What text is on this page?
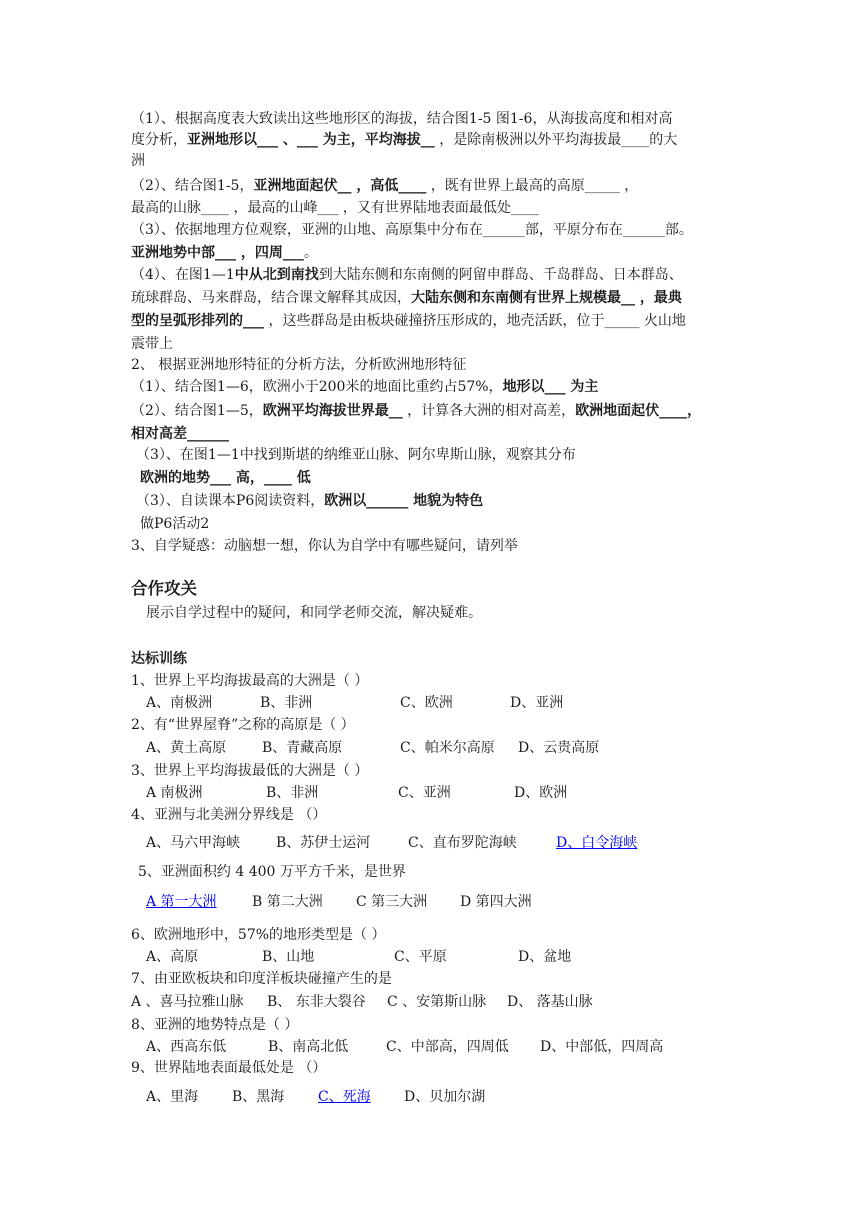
（1）、根据高度表大致读出这些地形区的海拔，结合图1-5 图1-6，从海拔高度和相对高
度分析，亚洲地形以___ 、___ 为主，平均海拔__ ，是除南极洲以外平均海拔最____的大
洲
（2）、结合图1-5，亚洲地面起伏__ ，高低____ ，既有世界上最高的高原_____ ，
最高的山脉____ ，最高的山峰___ ，又有世界陆地表面最低处____
（3）、依据地理方位观察，亚洲的山地、高原集中分布在______部，平原分布在______部。
亚洲地势中部___ ，四周___。
（4）、在图1—1中从北到南找到大陆东侧和东南侧的阿留申群岛、千岛群岛、日本群岛、
琉球群岛、马来群岛，结合课文解释其成因，大陆东侧和东南侧有世界上规模最__ ，最典
型的呈弧形排列的___ ，这些群岛是由板块碰撞挤压形成的，地壳活跃，位于_____ 火山地
震带上
2、 根据亚洲地形特征的分析方法，分析欧洲地形特征
（1）、结合图1—6，欧洲小于200米的地面比重约占57%，地形以___ 为主
（2）、结合图1—5，欧洲平均海拔世界最__ ，计算各大洲的相对高差，欧洲地面起伏____，
相对高差______
（3）、在图1—1中找到斯堪的纳维亚山脉、阿尔卑斯山脉，观察其分布
欧洲的地势___ 高，____ 低
（3）、自读课本P6阅读资料，欧洲以______ 地貌为特色
做P6活动2
3、自学疑惑：动脑想一想，你认为自学中有哪些疑问，请列举
合作攻关
展示自学过程中的疑问，和同学老师交流，解决疑难。
达标训练
1、世界上平均海拔最高的大洲是（ ）
A、南极洲	B、非洲	C、欧洲	D、亚洲
2、有“世界屋脊”之称的高原是（ ）
A、黄土高原	B、青藏高原	C、帕米尔高原 D、云贵高原
3、世界上平均海拔最低的大洲是（ ）
A 南极洲	B、非洲	C、亚洲	D、欧洲
4、亚洲与北美洲分界线是 （）
A、马六甲海峡	B、苏伊士运河	C、直布罗陀海峡	D、白令海峡
5、亚洲面积约 4 400 万平方千米，是世界
A 第一大洲	B 第二大洲 C 第三大洲 D 第四大洲
6、欧洲地形中，57%的地形类型是（ ）
A、高原	B、山地	C、平原	D、盆地
7、由亚欧板块和印度洋板块碰撞产生的是
A 、喜马拉雅山脉 B、 东非大裂谷 C 、安第斯山脉 D、 落基山脉
8、亚洲的地势特点是（ ）
A、西高东低	B、南高北低	C、中部高，四周低 D、中部低，四周高
9、世界陆地表面最低处是 （）
A、里海 B、黑海 C、死海 D、贝加尔湖
